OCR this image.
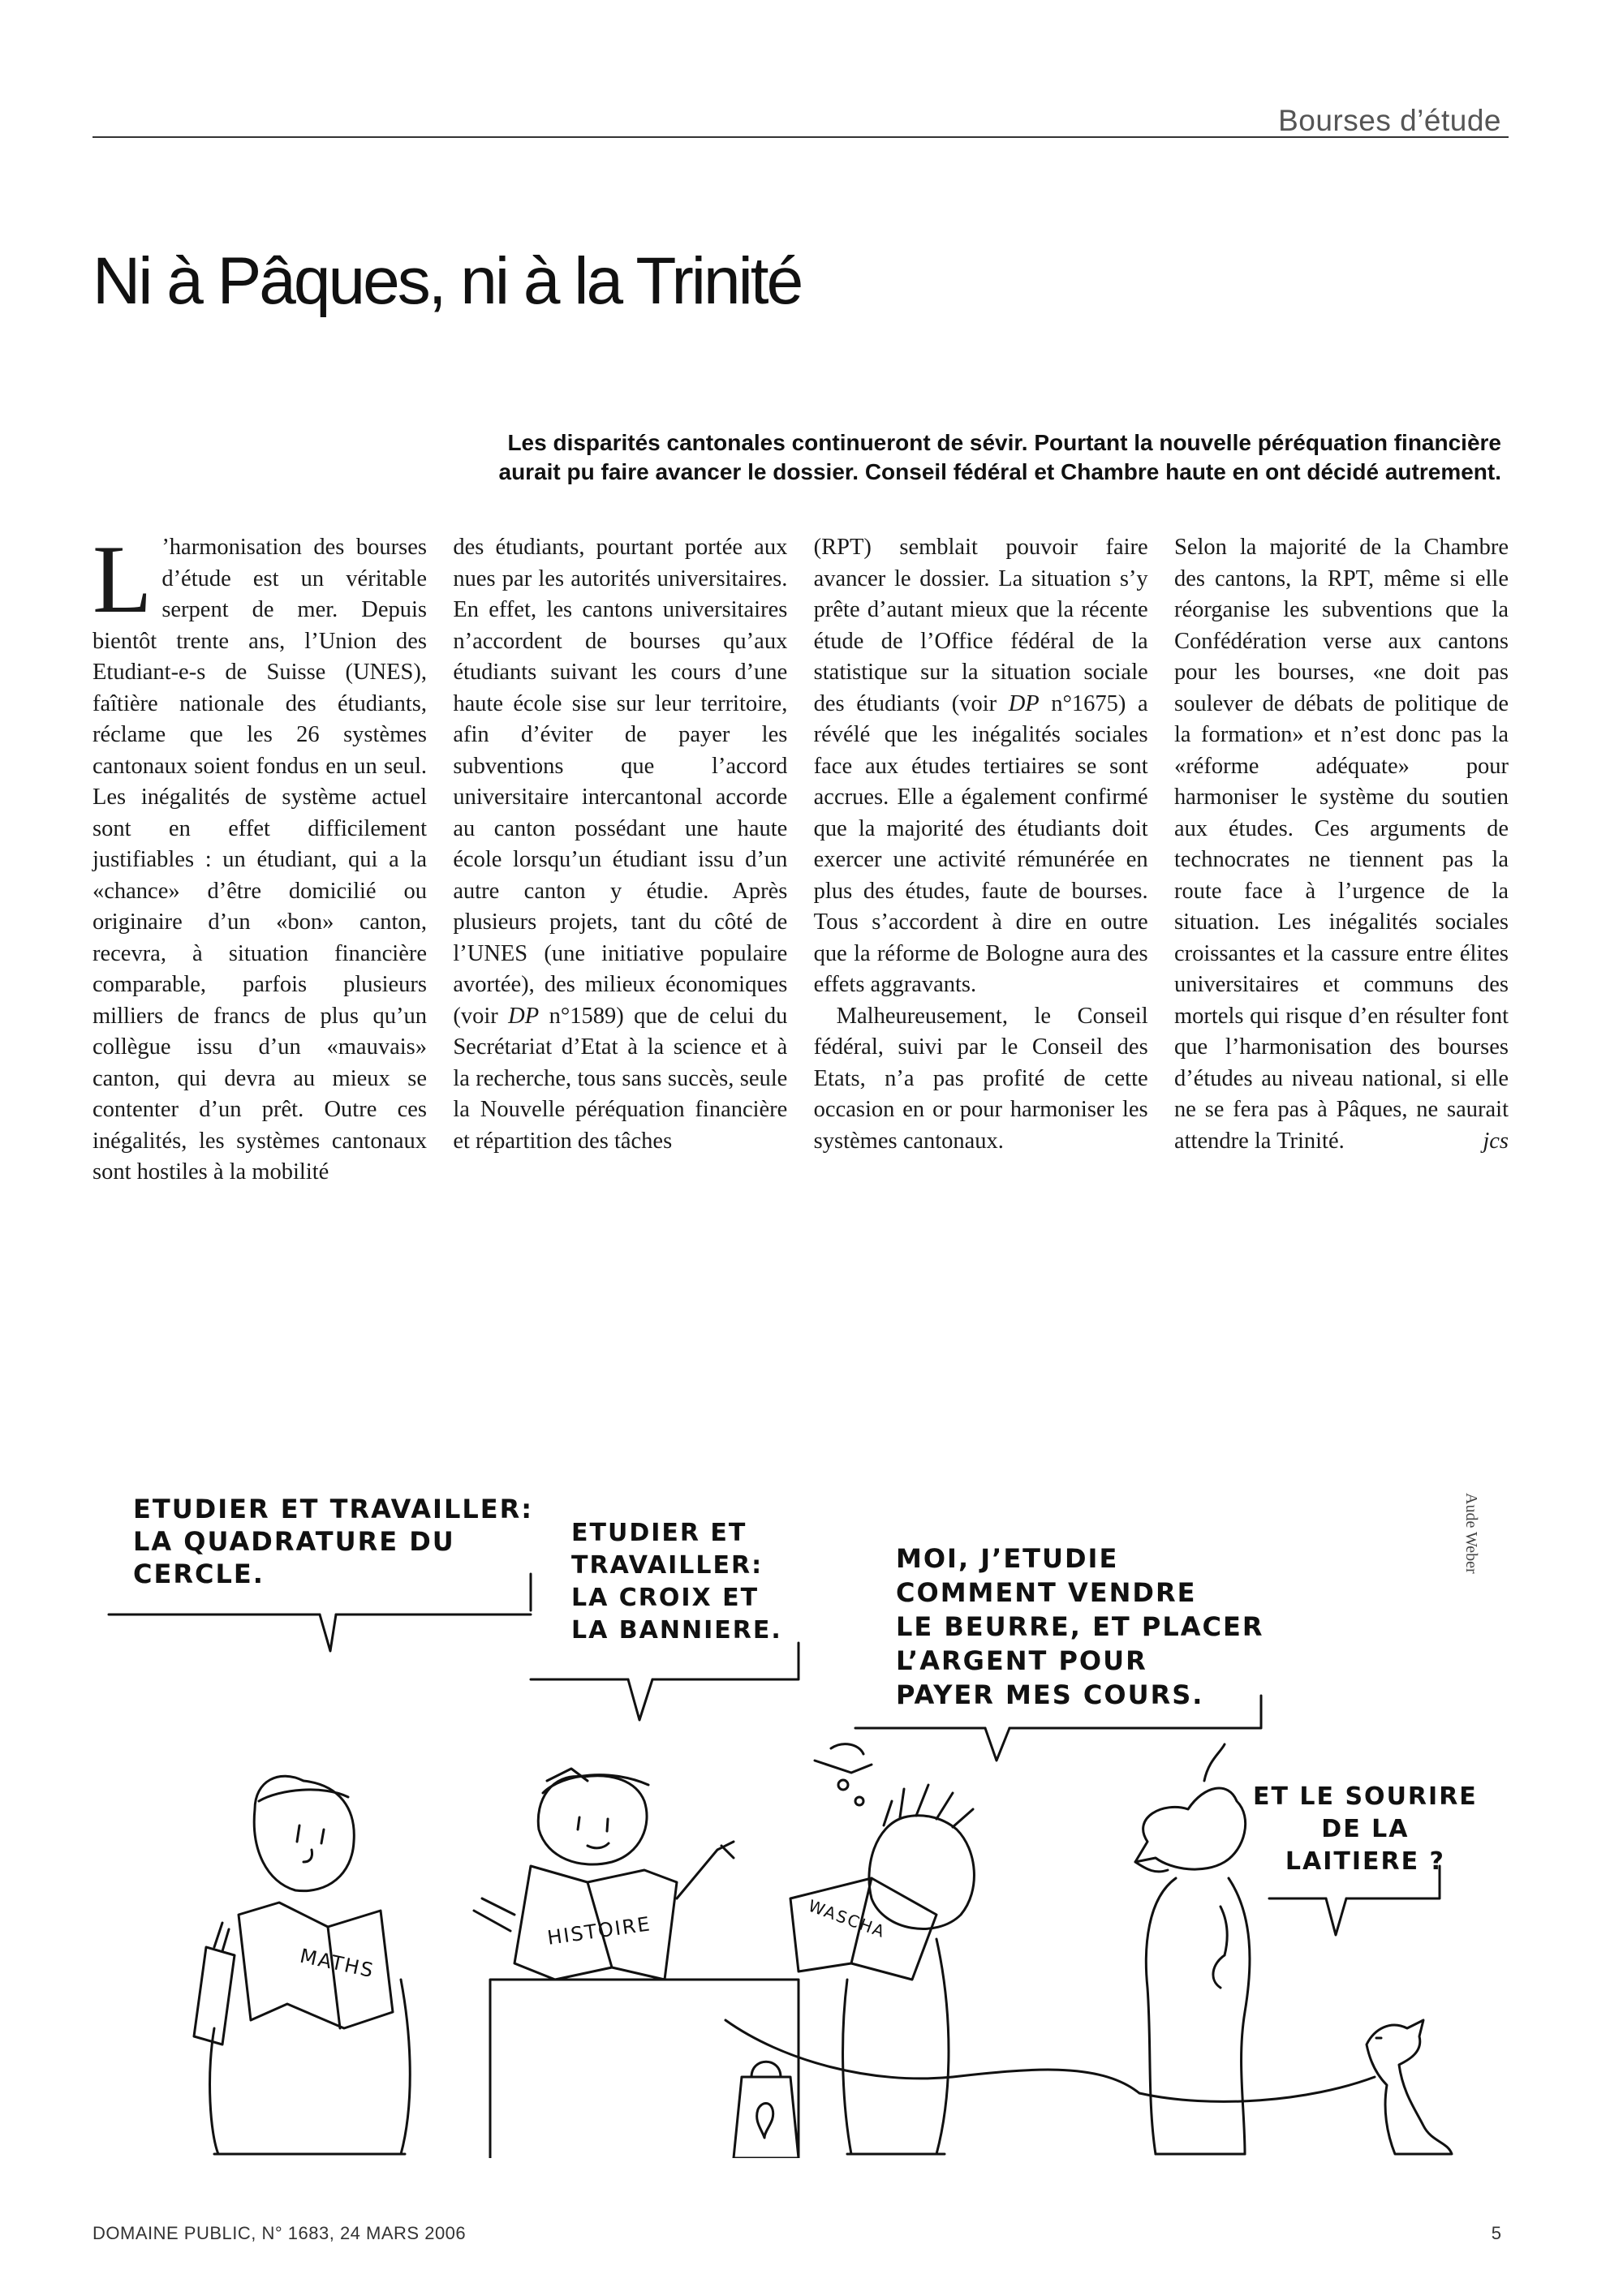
Bourses d’étude
Ni à Pâques, ni à la Trinité

Les disparités cantonales continueront de sévir. Pourtant la nouvelle péréquation financière
aurait pu faire avancer le dossier. Conseil fédéral et Chambre haute en ont décidé autrement.

L ’harmonisation des bourses d’étude est un véritable serpent de mer. Depuis bientôt trente ans, l’Union des Etudiant-e-s de Suisse (UNES), faîtière nationale des étudiants, réclame que les 26 systèmes cantonaux soient fondus en un seul. Les inégalités de système actuel sont en effet difficilement justifiables : un étudiant, qui a la «chance» d’être domicilié ou originaire d’un «bon» canton, recevra, à situation financière comparable, parfois plusieurs milliers de francs de plus qu’un collègue issu d’un «mauvais» canton, qui devra au mieux se contenter d’un prêt. Outre ces inégalités, les systèmes cantonaux sont hostiles à la mobilité

des étudiants, pourtant portée aux nues par les autorités universitaires. En effet, les cantons universitaires n’accordent de bourses qu’aux étudiants suivant les cours d’une haute école sise sur leur territoire, afin d’éviter de payer les subventions que l’accord universitaire intercantonal accorde au canton possédant une haute école lorsqu’un étudiant issu d’un autre canton y étudie. Après plusieurs projets, tant du côté de l’UNES (une initiative populaire avortée), des milieux économiques (voir DP n°1589) que de celui du Secrétariat d’Etat à la science et à la recherche, tous sans succès, seule la Nouvelle péréquation financière et répartition des tâches

(RPT) semblait pouvoir faire avancer le dossier. La situation s’y prête d’autant mieux que la récente étude de l’Office fédéral de la statistique sur la situation sociale des étudiants (voir DP n°1675) a révélé que les inégalités sociales face aux études tertiaires se sont accrues. Elle a également confirmé que la majorité des étudiants doit exercer une activité rémunérée en plus des études, faute de bourses. Tous s’accordent à dire en outre que la réforme de Bologne aura des effets aggravants.

Malheureusement, le Conseil fédéral, suivi par le Conseil des Etats, n’a pas profité de cette occasion en or pour harmoniser les systèmes cantonaux.

Selon la majorité de la Chambre des cantons, la RPT, même si elle réorganise les subventions que la Confédération verse aux cantons pour les bourses, «ne doit pas soulever de débats de politique de la formation» et n’est donc pas la «réforme adéquate» pour harmoniser le système du soutien aux études. Ces arguments de technocrates ne tiennent pas la route face à l’urgence de la situation. Les inégalités sociales croissantes et la cassure entre élites universitaires et communs des mortels qui risque d’en résulter font que l’harmonisation des bourses d’études au niveau national, si elle ne se fera pas à Pâques, ne saurait attendre la Trinité.	jcs

Aude Weber

ETUDIER ET TRAVAILLER:
LA QUADRATURE DU
CERCLE.

ETUDIER ET
TRAVAILLER:
LA CROIX ET
LA BANNIERE.

MOI, J’ETUDIE
COMMENT VENDRE
LE BEURRE, ET PLACER
L’ARGENT POUR
PAYER MES COURS.

ET LE SOURIRE
DE LA
LAITIERE ?

MATHS
HISTOIRE	WASCHA
DOMAINE PUBLIC, N° 1683, 24 MARS 2006	5
